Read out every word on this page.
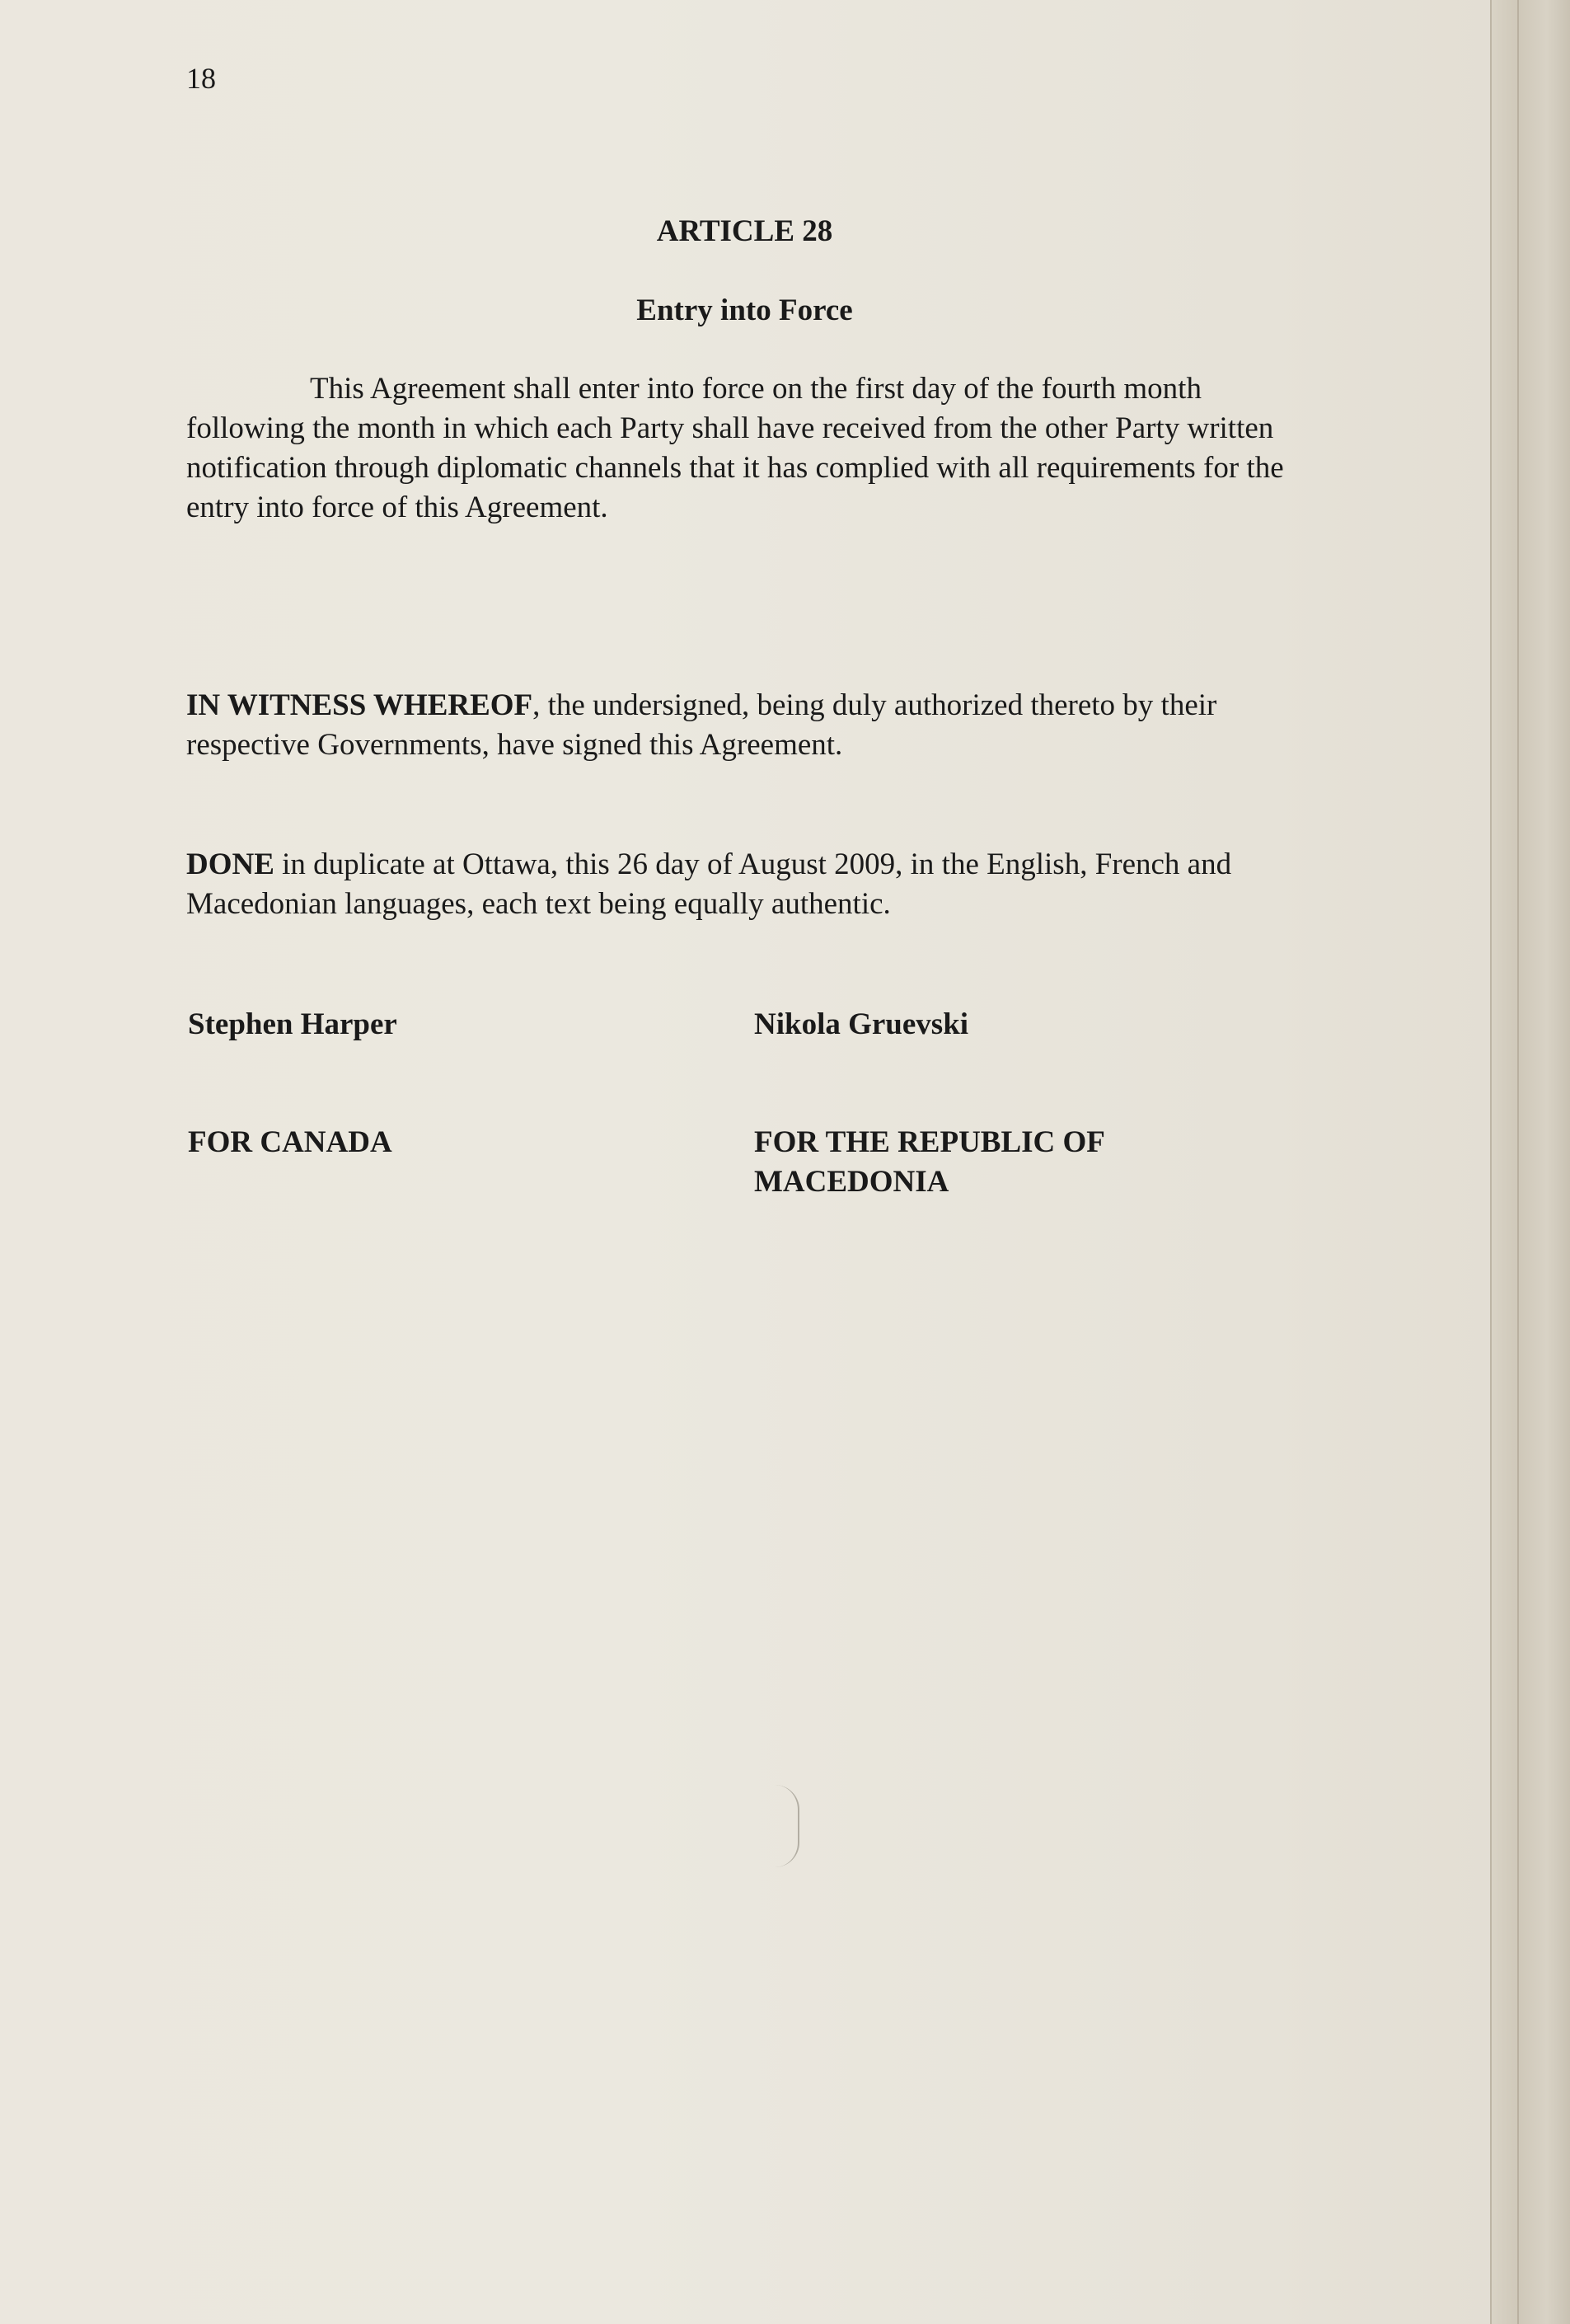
18
ARTICLE 28
Entry into Force

This Agreement shall enter into force on the first day of the fourth month following the month in which each Party shall have received from the other Party written notification through diplomatic channels that it has complied with all requirements for the entry into force of this Agreement.

IN WITNESS WHEREOF, the undersigned, being duly authorized thereto by their respective Governments, have signed this Agreement.

DONE in duplicate at Ottawa, this 26 day of August 2009, in the English, French and Macedonian languages, each text being equally authentic.

Stephen Harper	Nikola Gruevski
FOR CANADA	FOR THE REPUBLIC OF MACEDONIA
